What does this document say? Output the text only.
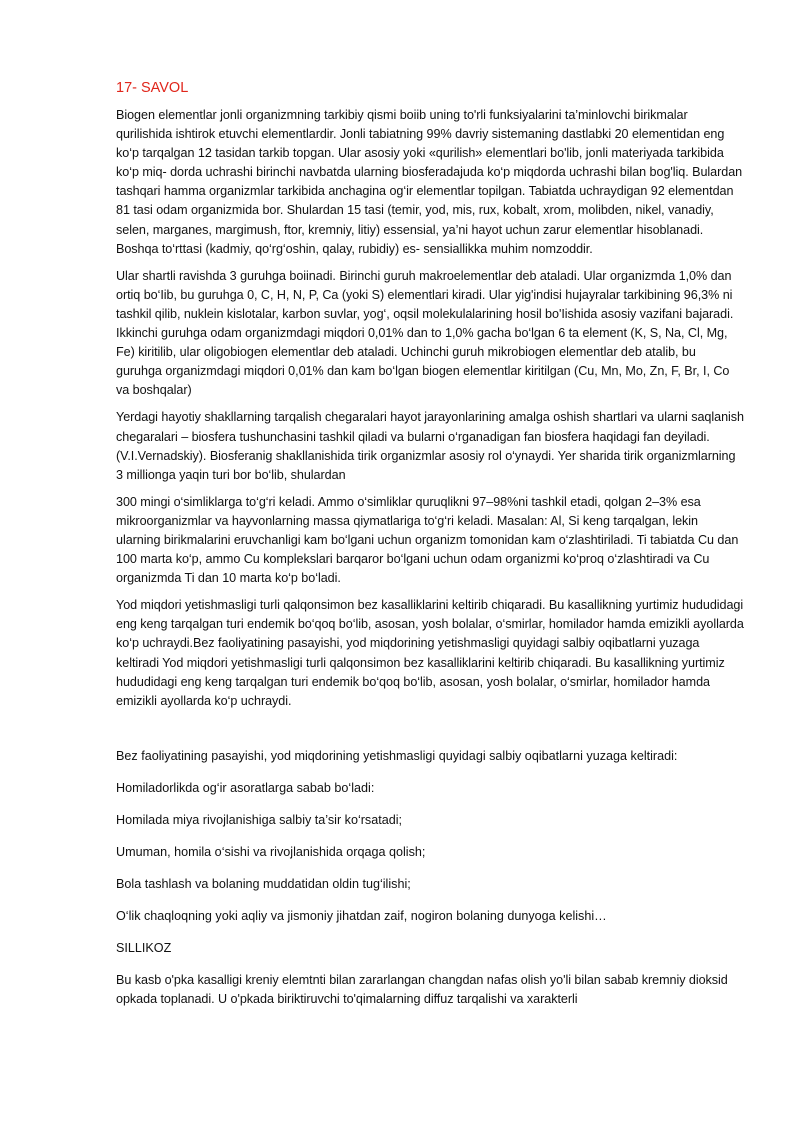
17- SAVOL

Biogen elementlar jonli organizmning tarkibiy qismi boiib uning to'rli funksiyalarini ta’minlovchi birikmalar qurilishida ishtirok etuvchi elementlardir. Jonli tabiatning 99% davriy sistemaning dastlabki 20 elementidan eng ko‘p tarqalgan 12 tasidan tarkib topgan. Ular asosiy yoki «qurilish» elementlari bo'lib, jonli materiyada tarkibida ko‘p miq- dorda uchrashi birinchi navbatda ularning biosferadajuda ko‘p miqdorda uchrashi bilan bog'liq. Bulardan tashqari hamma organizmlar tarkibida anchagina og‘ir elementlar topilgan. Tabiatda uchraydigan 92 elementdan 81 tasi odam organizmida bor. Shulardan 15 tasi (temir, yod, mis, rux, kobalt, xrom, molibden, nikel, vanadiy, selen, marganes, margimush, ftor, kremniy, litiy) essensial, ya’ni hayot uchun zarur elementlar hisoblanadi. Boshqa to‘rttasi (kadmiy, qo‘rg‘oshin, qalay, rubidiy) es- sensiallikka muhim nomzoddir.

Ular shartli ravishda 3 guruhga boiinadi. Birinchi guruh makroelementlar deb ataladi. Ular organizmda 1,0% dan ortiq bo‘Iib, bu guruhga 0, C, H, N, P, Ca (yoki S) elementlari kiradi. Ular yig'indisi hujayralar tarkibining 96,3% ni tashkil qilib, nuklein kislotalar, karbon suvlar, yog‘, oqsil molekulalarining hosil bo'Iishida asosiy vazifani bajaradi. Ikkinchi guruhga odam organizmdagi miqdori 0,01% dan to 1,0% gacha bo‘lgan 6 ta element (K, S, Na, Cl, Mg, Fe) kiritilib, ular oligobiogen elementlar deb ataladi. Uchinchi guruh mikrobiogen elementlar deb atalib, bu guruhga organizmdagi miqdori 0,01% dan kam bo‘lgan biogen elementlar kiritilgan (Cu, Mn, Mo, Zn, F, Br, I, Co va boshqalar)

Yerdagi hayotiy shakllarning tarqalish chegaralari hayot jarayonlarining amalga oshish shartlari va ularni saqlanish chegaralari – biosfera tushunchasini tashkil qiladi va bularni o‘rganadigan fan biosfera haqidagi fan deyiladi. (V.I.Vernadskiy). Biosferanig shakllanishida tirik organizmlar asosiy rol o‘ynaydi. Yer sharida tirik organizmlarning 3 millionga yaqin turi bor bo‘lib, shulardan

300 mingi o‘simliklarga to‘g‘ri keladi. Ammo o‘simliklar quruqlikni 97–98%ni tashkil etadi, qolgan 2–3% esa mikroorganizmlar va hayvonlarning massa qiymatlariga to‘g‘ri keladi. Masalan: Al, Si keng tarqalgan, lekin ularning birikmalarini eruvchanligi kam bo‘lgani uchun organizm tomonidan kam o‘zlashtiriladi. Ti tabiatda Cu dan 100 marta ko‘p, ammo Cu komplekslari barqaror bo‘lgani uchun odam organizmi ko‘proq o‘zlashtiradi va Cu organizmda Ti dan 10 marta ko‘p bo‘ladi.

Yod miqdori yetishmasligi turli qalqonsimon bez kasalliklarini keltirib chiqaradi. Bu kasallikning yurtimiz hududidagi eng keng tarqalgan turi endemik bo‘qoq bo‘lib, asosan, yosh bolalar, o‘smirlar, homilador hamda emizikli ayollarda ko‘p uchraydi.Bez faoliyatining pasayishi, yod miqdorining yetishmasligi quyidagi salbiy oqibatlarni yuzaga keltiradi Yod miqdori yetishmasligi turli qalqonsimon bez kasalliklarini keltirib chiqaradi. Bu kasallikning yurtimiz hududidagi eng keng tarqalgan turi endemik bo‘qoq bo‘lib, asosan, yosh bolalar, o‘smirlar, homilador hamda emizikli ayollarda ko‘p uchraydi.

Bez faoliyatining pasayishi, yod miqdorining yetishmasligi quyidagi salbiy oqibatlarni yuzaga keltiradi:
Homiladorlikda og‘ir asoratlarga sabab bo‘ladi:
Homilada miya rivojlanishiga salbiy ta’sir ko‘rsatadi;
Umuman, homila o‘sishi va rivojlanishida orqaga qolish;
Bola tashlash va bolaning muddatidan oldin tug‘ilishi;
O‘lik chaqloqning yoki aqliy va jismoniy jihatdan zaif, nogiron bolaning dunyoga kelishi…
SILLIKOZ

Bu kasb o'pka kasalligi kreniy elemtnti bilan zararlangan changdan nafas olish yo'li bilan sabab kremniy dioksid opkada toplanadi. U o'pkada biriktiruvchi to'qimalarning diffuz tarqalishi va xarakterli
